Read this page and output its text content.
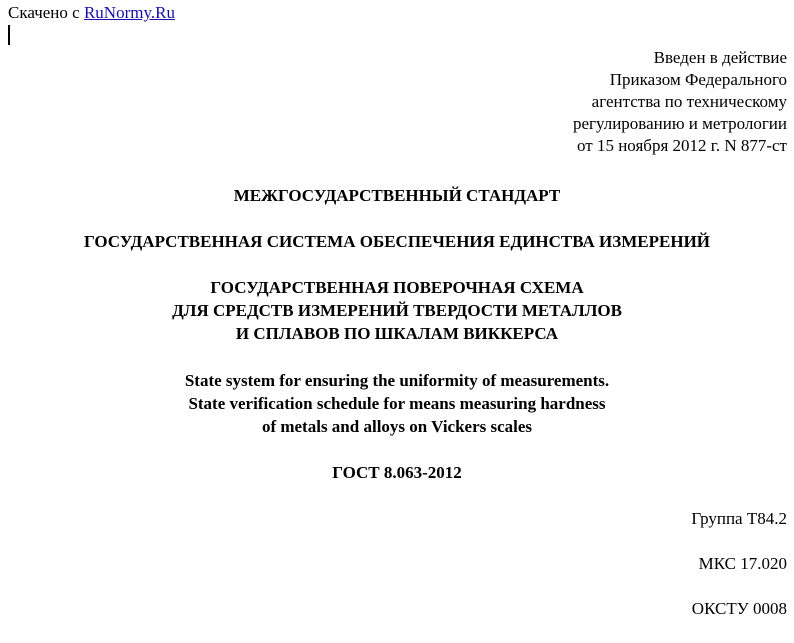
Скачено с RuNormy.Ru
Введен в действие
Приказом Федерального
агентства по техническому
регулированию и метрологии
от 15 ноября 2012 г. N 877-ст
МЕЖГОСУДАРСТВЕННЫЙ СТАНДАРТ
ГОСУДАРСТВЕННАЯ СИСТЕМА ОБЕСПЕЧЕНИЯ ЕДИНСТВА ИЗМЕРЕНИЙ
ГОСУДАРСТВЕННАЯ ПОВЕРОЧНАЯ СХЕМА
ДЛЯ СРЕДСТВ ИЗМЕРЕНИЙ ТВЕРДОСТИ МЕТАЛЛОВ
И СПЛАВОВ ПО ШКАЛАМ ВИККЕРСА
State system for ensuring the uniformity of measurements.
State verification schedule for means measuring hardness
of metals and alloys on Vickers scales
ГОСТ 8.063-2012
Группа Т84.2
МКС 17.020
ОКСТУ 0008
